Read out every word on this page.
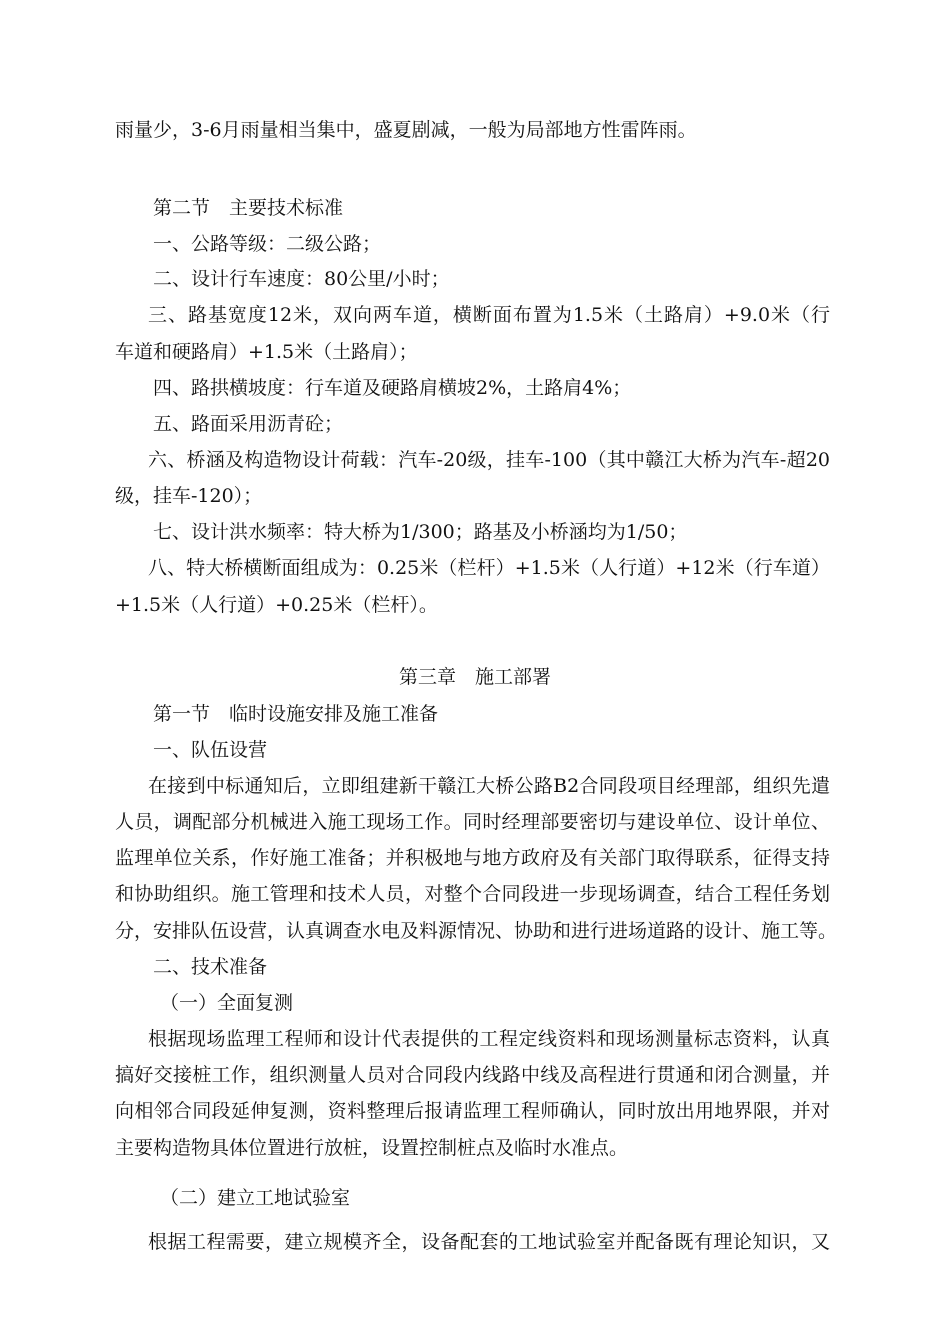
雨量少，3-6月雨量相当集中，盛夏剧减，一般为局部地方性雷阵雨。
第二节　主要技术标准
一、公路等级：二级公路；
二、设计行车速度：80公里/小时；
三、路基宽度12米，双向两车道，横断面布置为1.5米（土路肩）+9.0米（行
车道和硬路肩）+1.5米（土路肩）；
四、路拱横坡度：行车道及硬路肩横坡2%，土路肩4%；
五、路面采用沥青砼；
六、桥涵及构造物设计荷载：汽车-20级，挂车-100（其中赣江大桥为汽车-超20
级，挂车-120）；
七、设计洪水频率：特大桥为1/300；路基及小桥涵均为1/50；
八、特大桥横断面组成为：0.25米（栏杆）+1.5米（人行道）+12米（行车道）
+1.5米（人行道）+0.25米（栏杆）。
第三章　施工部署
第一节　临时设施安排及施工准备
一、队伍设营
在接到中标通知后，立即组建新干赣江大桥公路B2合同段项目经理部，组织先遣
人员，调配部分机械进入施工现场工作。同时经理部要密切与建设单位、设计单位、
监理单位关系，作好施工准备；并积极地与地方政府及有关部门取得联系，征得支持
和协助组织。施工管理和技术人员，对整个合同段进一步现场调查，结合工程任务划
分，安排队伍设营，认真调查水电及料源情况、协助和进行进场道路的设计、施工等。
二、技术准备
（一）全面复测
根据现场监理工程师和设计代表提供的工程定线资料和现场测量标志资料，认真
搞好交接桩工作，组织测量人员对合同段内线路中线及高程进行贯通和闭合测量，并
向相邻合同段延伸复测，资料整理后报请监理工程师确认，同时放出用地界限，并对
主要构造物具体位置进行放桩，设置控制桩点及临时水准点。
（二）建立工地试验室
根据工程需要，建立规模齐全，设备配套的工地试验室并配备既有理论知识，又
